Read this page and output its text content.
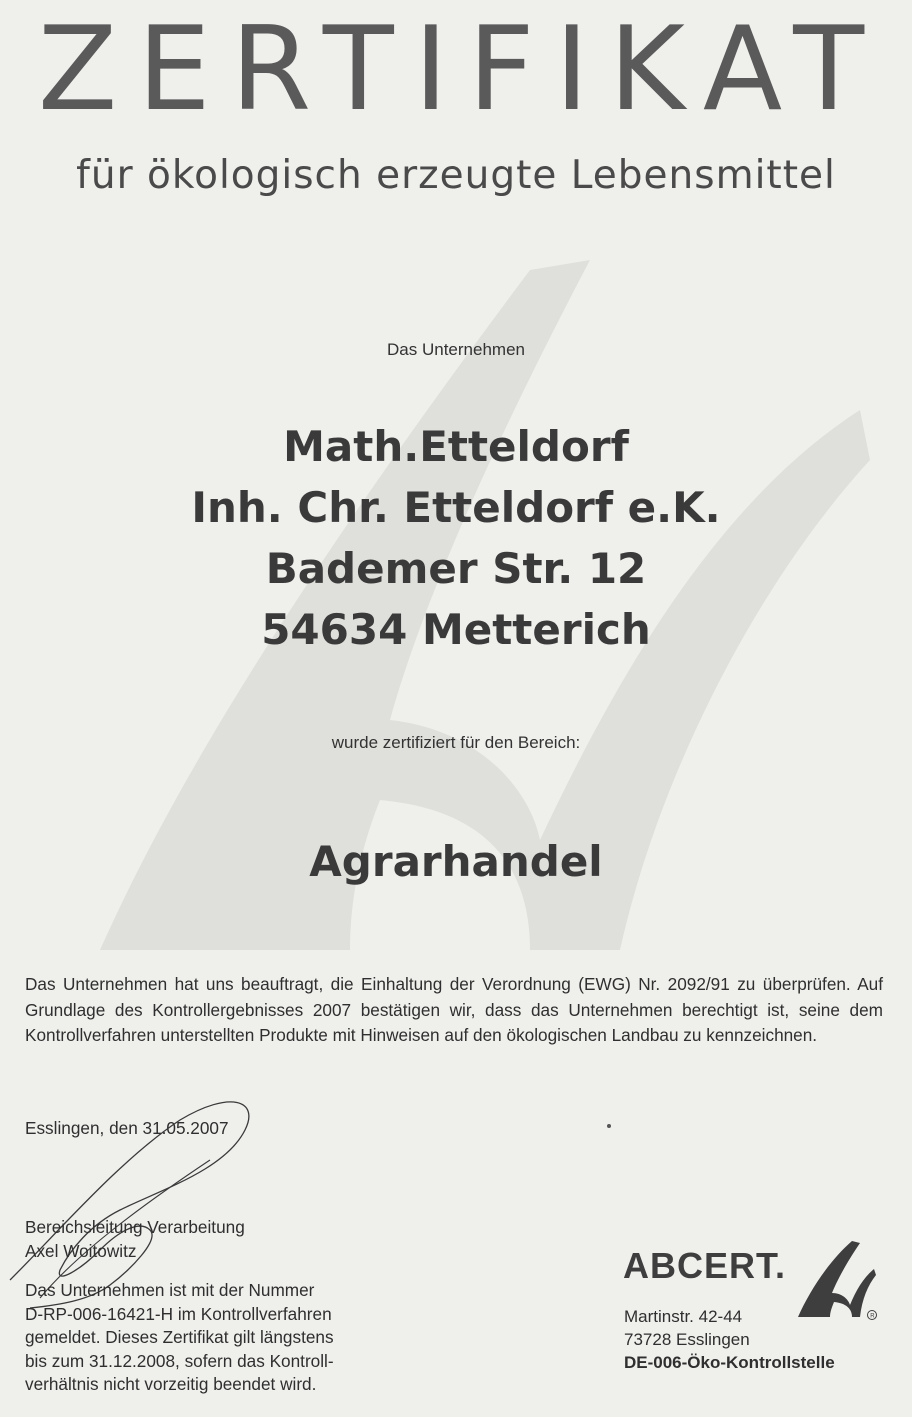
ZERTIFIKAT
für ökologisch erzeugte Lebensmittel
Das Unternehmen
Math.Etteldorf
Inh. Chr. Etteldorf e.K.
Bademer Str. 12
54634 Metterich
wurde zertifiziert für den Bereich:
Agrarhandel
Das Unternehmen hat uns beauftragt, die Einhaltung der Verordnung (EWG) Nr. 2092/91 zu überprüfen. Auf Grundlage des Kontrollergebnisses 2007 bestätigen wir, dass das Unternehmen berechtigt ist, seine dem Kontrollverfahren unterstellten Produkte mit Hinweisen auf den ökologischen Landbau zu kennzeichnen.
Esslingen, den 31.05.2007
Bereichsleitung Verarbeitung
Axel Woitowitz
Das Unternehmen ist mit der Nummer
D-RP-006-16421-H im Kontrollverfahren
gemeldet. Dieses Zertifikat gilt längstens
bis zum 31.12.2008, sofern das Kontroll-
verhältnis nicht vorzeitig beendet wird.
ABCERT.
R
Martinstr. 42-44
73728 Esslingen
DE-006-Öko-Kontrollstelle
